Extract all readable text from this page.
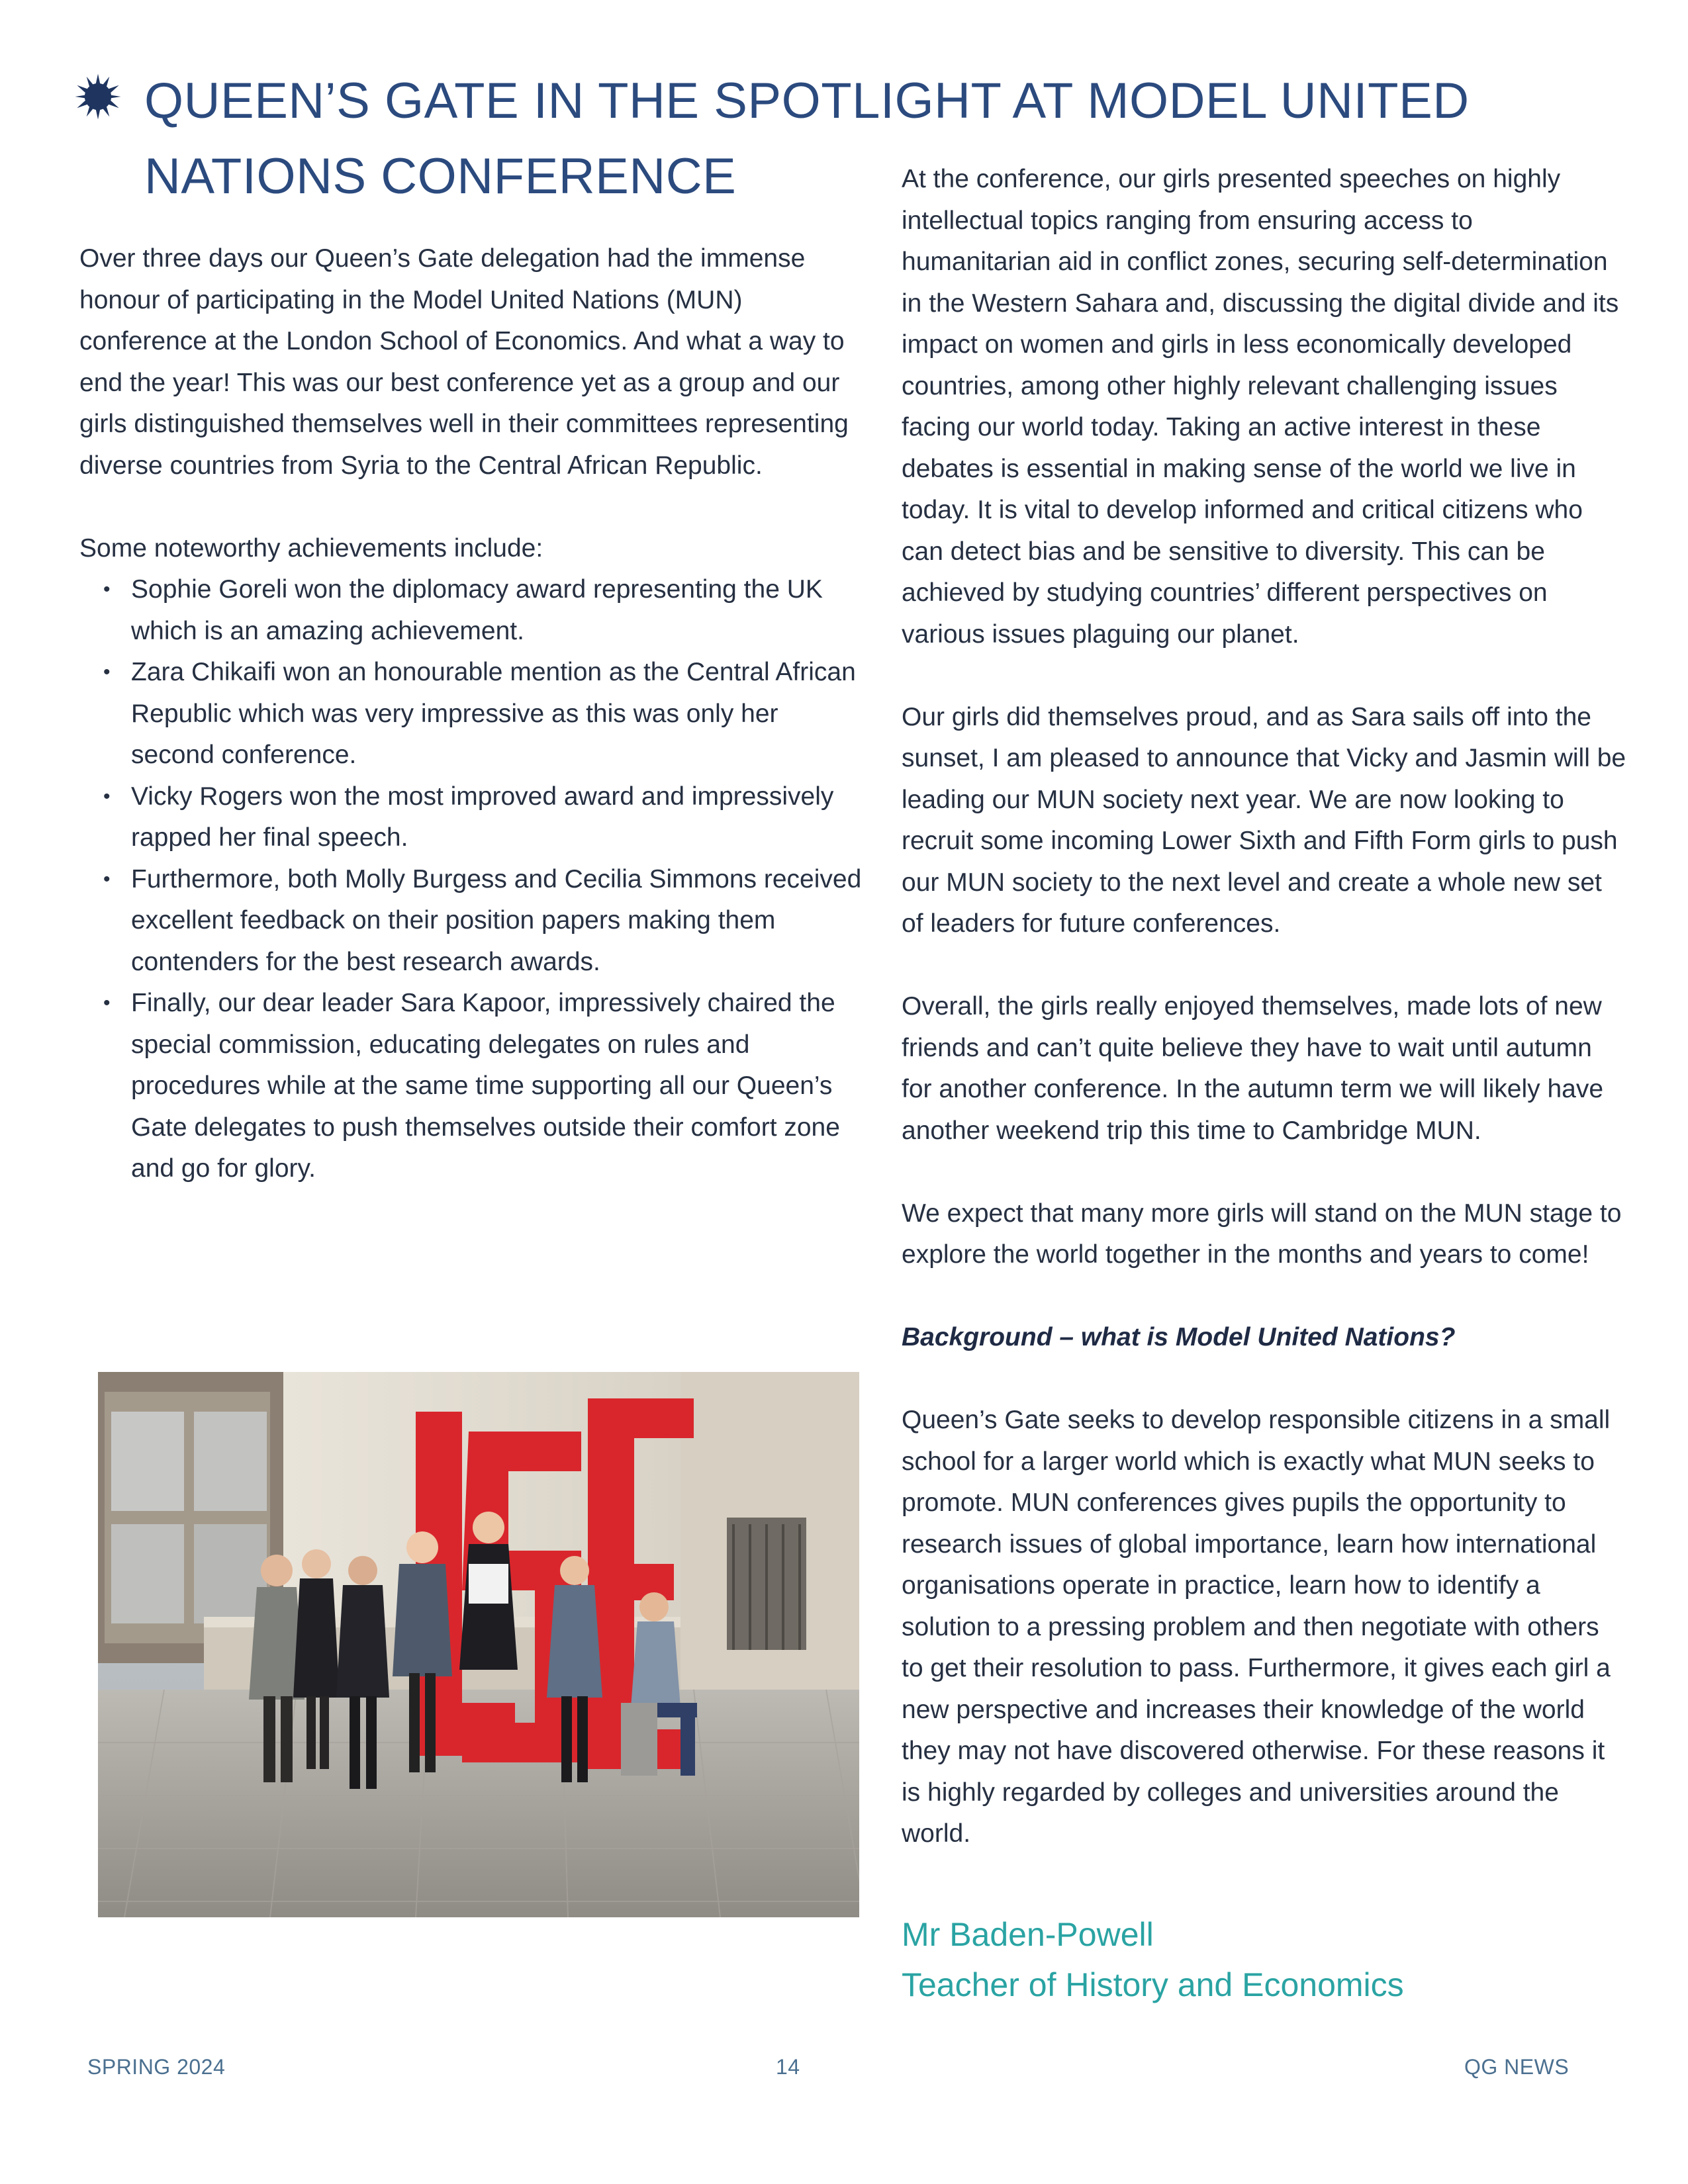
QUEEN’S GATE IN THE SPOTLIGHT AT MODEL UNITED NATIONS CONFERENCE

Over three days our Queen’s Gate delegation had the immense honour of participating in the Model United Nations (MUN) conference at the London School of Economics. And what a way to end the year! This was our best conference yet as a group and our girls distinguished themselves well in their committees representing diverse countries from Syria to the Central African Republic.

Some noteworthy achievements include:

• Sophie Goreli won the diplomacy award representing the UK which is an amazing achievement.
• Zara Chikaifi won an honourable mention as the Central African Republic which was very impressive as this was only her second conference.
• Vicky Rogers won the most improved award and impressively rapped her final speech.
• Furthermore, both Molly Burgess and Cecilia Simmons received excellent feedback on their position papers making them contenders for the best research awards.
• Finally, our dear leader Sara Kapoor, impressively chaired the special commission, educating delegates on rules and procedures while at the same time supporting all our Queen’s Gate delegates to push themselves outside their comfort zone and go for glory.

At the conference, our girls presented speeches on highly intellectual topics ranging from ensuring access to humanitarian aid in conflict zones, securing self-determination in the Western Sahara and, discussing the digital divide and its impact on women and girls in less economically developed countries, among other highly relevant challenging issues facing our world today. Taking an active interest in these debates is essential in making sense of the world we live in today. It is vital to develop informed and critical citizens who can detect bias and be sensitive to diversity. This can be achieved by studying countries’ different perspectives on various issues plaguing our planet.

Our girls did themselves proud, and as Sara sails off into the sunset, I am pleased to announce that Vicky and Jasmin will be leading our MUN society next year. We are now looking to recruit some incoming Lower Sixth and Fifth Form girls to push our MUN society to the next level and create a whole new set of leaders for future conferences.

Overall, the girls really enjoyed themselves, made lots of new friends and can’t quite believe they have to wait until autumn for another conference. In the autumn term we will likely have another weekend trip this time to Cambridge MUN.

We expect that many more girls will stand on the MUN stage to explore the world together in the months and years to come!

Background – what is Model United Nations?

Queen’s Gate seeks to develop responsible citizens in a small school for a larger world which is exactly what MUN seeks to promote. MUN conferences gives pupils the opportunity to research issues of global importance, learn how international organisations operate in practice, learn how to identify a solution to a pressing problem and then negotiate with others to get their resolution to pass. Furthermore, it gives each girl a new perspective and increases their knowledge of the world they may not have discovered otherwise. For these reasons it is highly regarded by colleges and universities around the world.

Mr Baden-Powell
Teacher of History and Economics
SPRING 2024	14	QG NEWS
